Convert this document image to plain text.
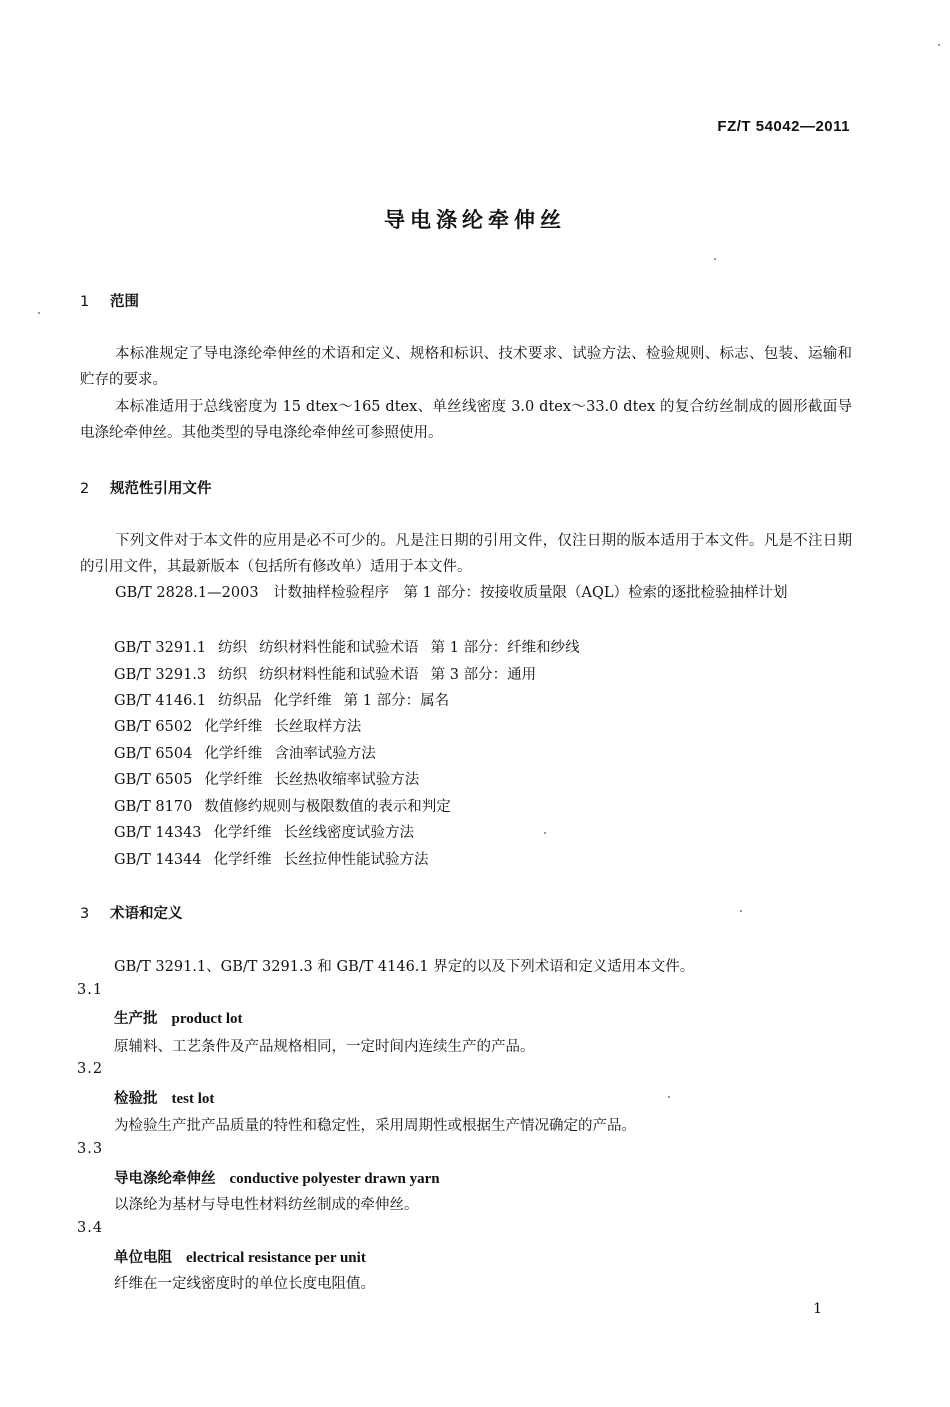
FZ/T 54042—2011
导电涤纶牵伸丝
1 范围
本标准规定了导电涤纶牵伸丝的术语和定义、规格和标识、技术要求、试验方法、检验规则、标志、包装、运输和贮存的要求。
本标准适用于总线密度为 15 dtex～165 dtex、单丝线密度 3.0 dtex～33.0 dtex 的复合纺丝制成的圆形截面导电涤纶牵伸丝。其他类型的导电涤纶牵伸丝可参照使用。
2 规范性引用文件
下列文件对于本文件的应用是必不可少的。凡是注日期的引用文件，仅注日期的版本适用于本文件。凡是不注日期的引用文件，其最新版本（包括所有修改单）适用于本文件。
GB/T 2828.1—2003　计数抽样检验程序　第 1 部分：按接收质量限（AQL）检索的逐批检验抽样计划
GB/T 3291.1 纺织 纺织材料性能和试验术语 第 1 部分：纤维和纱线
GB/T 3291.3 纺织 纺织材料性能和试验术语 第 3 部分：通用
GB/T 4146.1 纺织品 化学纤维 第 1 部分：属名
GB/T 6502 化学纤维 长丝取样方法
GB/T 6504 化学纤维 含油率试验方法
GB/T 6505 化学纤维 长丝热收缩率试验方法
GB/T 8170 数值修约规则与极限数值的表示和判定
GB/T 14343 化学纤维 长丝线密度试验方法
GB/T 14344 化学纤维 长丝拉伸性能试验方法
3 术语和定义
GB/T 3291.1、GB/T 3291.3 和 GB/T 4146.1 界定的以及下列术语和定义适用本文件。
3.1
生产批 product lot
原辅料、工艺条件及产品规格相同，一定时间内连续生产的产品。
3.2
检验批 test lot
为检验生产批产品质量的特性和稳定性，采用周期性或根据生产情况确定的产品。
3.3
导电涤纶牵伸丝 conductive polyester drawn yarn
以涤纶为基材与导电性材料纺丝制成的牵伸丝。
3.4
单位电阻 electrical resistance per unit
纤维在一定线密度时的单位长度电阻值。
1
